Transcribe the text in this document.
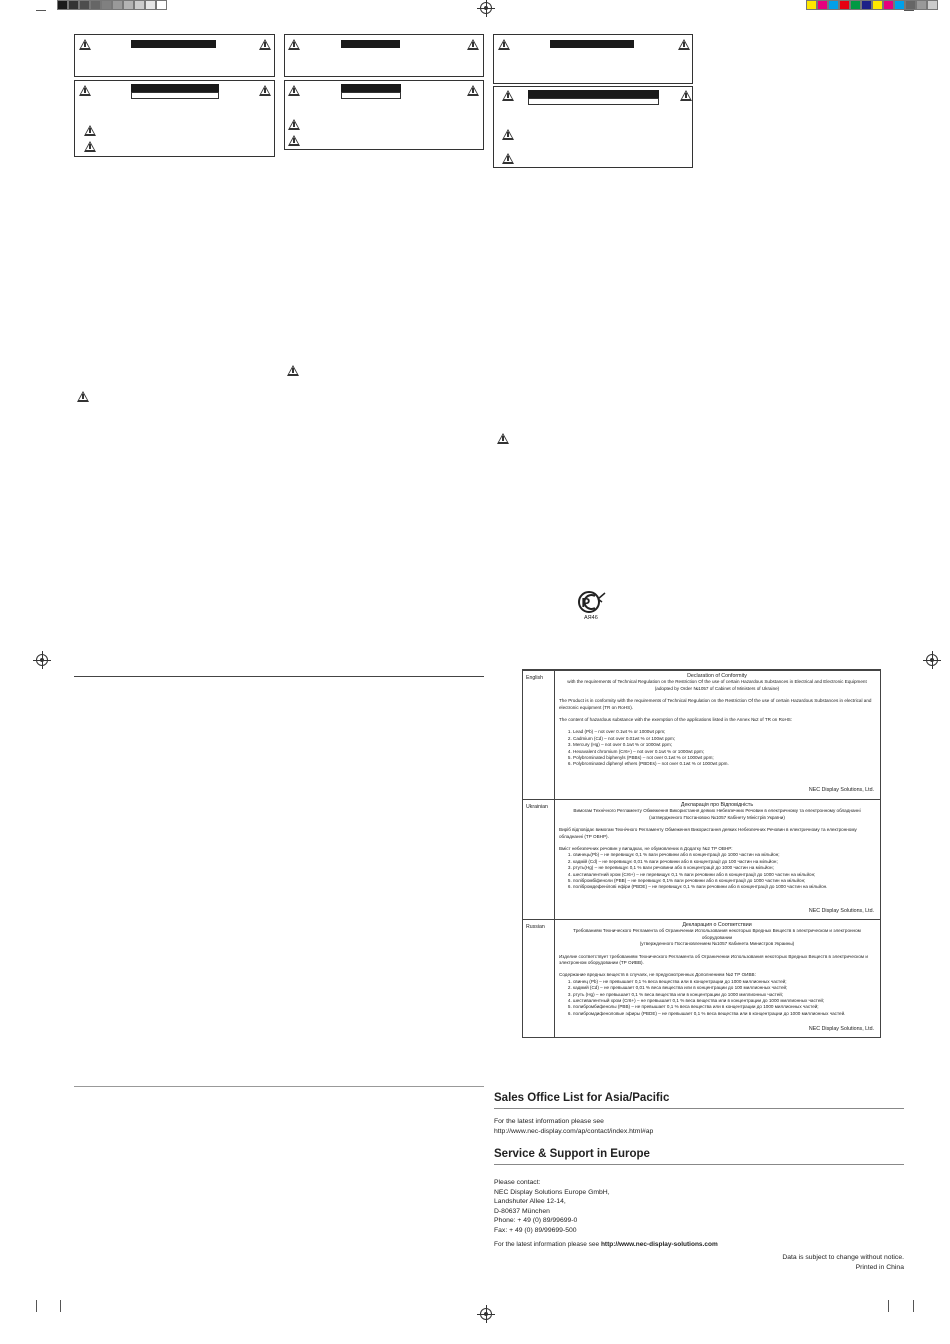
P
AЯ46
English	Declaration of Conformity

with the requirements of Technical Regulation on the Restriction Of the use of certain Hazardous Substances in Electrical and Electronic Equipment

(adopted by Order №1057 of Cabinet of Ministers of Ukraine)

The Product is in conformity with the requirements of Technical Regulation on the Restriction Of the use of certain Hazardous Substances in electrical and electronic equipment (TR on RoHS).

The content of hazardous substance with the exemption of the applications listed in the Annex №2 of TR on RoHS:

1. Lead (Pb) – not over 0.1wt % or 1000wt ppm;
2. Cadmium (Cd) – not over 0.01wt % or 100wt ppm;
3. Mercury (Hg) – not over 0.1wt % or 1000wt ppm;
4. Hexavalent chromium (Cr6+) – not over 0.1wt % or 1000wt ppm;
5. Polybrominated biphenyls (PBBs) – not over 0.1wt % or 1000wt ppm;
6. Polybrominated diphenyl ethers (PBDEs) – not over 0.1wt % or 1000wt ppm.
NEC Display Solutions, Ltd.
Ukrainian	Декларація про Відповідність

Вимогам Технічного Регламенту Обмеження Використання деяких Небезпечних Речовин в електричному та електронному обладнанні

(затвердженого Постановою №1057 Кабінету Міністрів України)

Виріб відповідає вимогам Технічного Регламенту Обмеження Використання деяких Небезпечних Речовин в електричному та електронному обладнанні (ТР ОВНР).

Вміст небезпечних речовин у випадках, не обумовлених в Додатку №2 ТР ОВНР:

1. свинець(Pb) – не перевищує 0,1 % ваги речовини або в концентрації до 1000 частин на мільйон;
2. кадмій (Cd) – не перевищує 0,01 % ваги речовини або в концентрації до 100 частин на мільйон;
3. ртуть(Hg) – не перевищує 0,1 % ваги речовини або в концентрації до 1000 частин на мільйон;
4. шестивалентний хром (Cr6+) – не перевищує 0,1 % ваги речовини або в концентрації до 1000 частин на мільйон;
5. полібромбіфеноли (PBB) – не перевищує 0,1% ваги речовини або в концентрації до 1000 частин на мільйон;
6. полібромдефенілові ефіри (PBDE) – не перевищує 0,1 % ваги речовини або в концентрації до 1000 частин на мільйон.
NEC Display Solutions, Ltd.
Russian	Декларация о Соответствии

Требованиям Технического Регламента об Ограничении Использования некоторых Вредных Веществ в электрическом и электронном оборудовании

(утвержденного Постановлением №1057 Кабинета Министров Украины)

Изделие соответствует требованиям Технического Регламента об Ограничении Использования некоторых Вредных Веществ в электрическом и электронном оборудовании (ТР ОИВВ).

Содержание вредных веществ в случаях, не предусмотренных Дополнением №2 ТР ОИВВ:

1. свинец (Pb) – не превышает 0,1 % веса вещества или в концентрации до 1000 миллионных частей;
2. кадмий (Cd) – не превышает 0,01 % веса вещества или в концентрации до 100 миллионных частей;
3. ртуть (Hg) – не превышает 0,1 % веса вещества или в концентрации до 1000 миллионных частей;
4. шестивалентный хром (Cr6+) – не превышает 0,1 % веса вещества или в концентрации до 1000 миллионных частей;
5. полибромбифенолы (PBB) – не превышает 0,1 % веса вещества или в концентрации до 1000 миллионных частей;
6. полибромдифеноловые эфиры (PBDE) – не превышает 0,1 % веса вещества или в концентрации до 1000 миллионных частей.
NEC Display Solutions, Ltd.
Sales Office List for Asia/Pacific
For the latest information please see
http://www.nec-display.com/ap/contact/index.html#ap
Service & Support in Europe
Please contact:
NEC Display Solutions Europe GmbH,
Landshuter Allee 12-14,
D-80637 München
Phone: + 49 (0) 89/99699-0
Fax: + 49 (0) 89/99699-500
For the latest information please see http://www.nec-display-solutions.com
Data is subject to change without notice.
Printed in China
